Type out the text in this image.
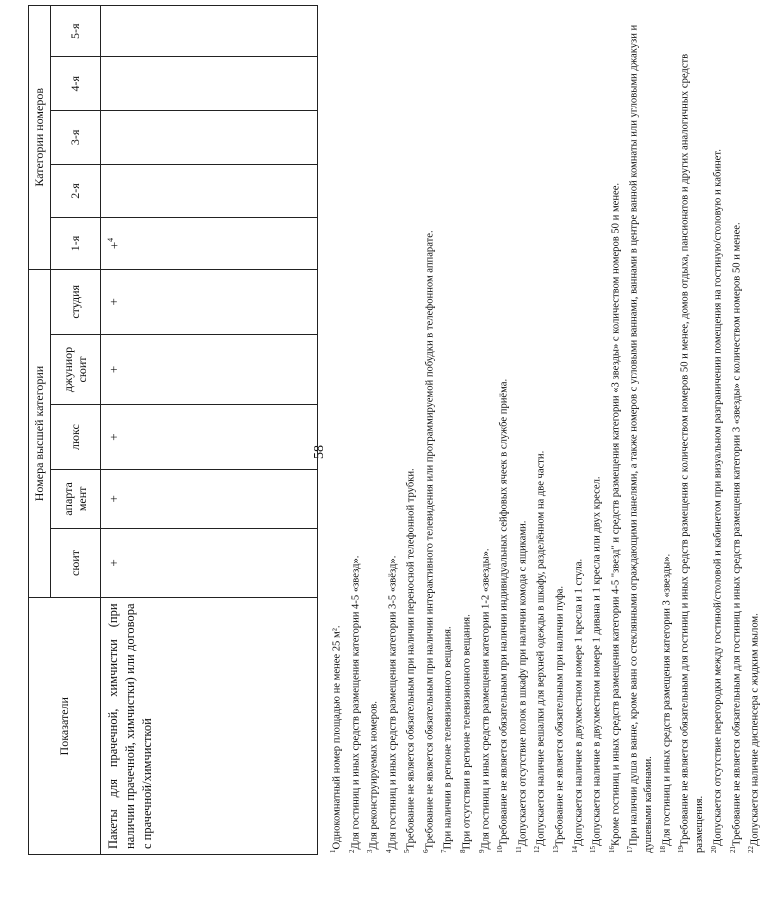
58
Показатели	Номера высшей категории					Категории номеров				
	сюит	апарта мент	люкс	джуниор сюит	студия	1-я	2-я	3-я	4-я	5-я
Пакеты для прачечной, химчистки (при наличии прачечной, химчистки) или договора с прачечной/химчисткой	+	+	+	+	+	+$^4$				
$^1$Однокомнатный номер площадью не менее 25 м².
$^2$Для гостиниц и иных средств размещения категории 4-5 «звезд».
$^3$Для реконструируемых номеров.
$^4$Для гостиниц и иных средств размещения категории 3-5 «звёзд».
$^5$Требование не является обязательным при наличии переносной телефонной трубки.
$^6$Требование не является обязательным при наличии интерактивного телевидения или программируемой побудки в телефонном аппарате.
$^7$При наличии в регионе телевизионного вещания.
$^8$При отсутствии в регионе телевизионного вещания.
$^9$Для гостиниц и иных средств размещения категории 1-2 «звезды». $^{10}$Требование не является обязательным при наличии индивидуальных сейфовых ячеек в службе приёма.
$^{11}$Допускается отсутствие полок в шкафу при наличии комода с ящиками.
$^{12}$Допускается наличие вешалки для верхней одежды в шкафу, разделённом на две части.
$^{13}$Требование не является обязательным при наличии пуфа.
$^{14}$Допускается наличие в двухместном номере 1 кресла и 1 стула.
$^{15}$Допускается наличие в двухместном номере 1 дивана и 1 кресла или двух кресел.
$^{16}$Кроме гостиниц и иных средств размещения категории 4-5 "звезд" и средств размещения категории «3 звезды» с количеством номеров 50 и менее.
$^{17}$При наличии душа в ванне, кроме ванн со стеклянными ограждающими панелями, а также номеров с угловыми ваннами, ваннами в центре ванной комнаты или угловыми джакузи и душевыми кабинами. $^{18}$Для гостиниц и иных средств размещения категории 3 «звезды».
$^{19}$Требование не является обязательным для гостиниц и иных средств размещения с количеством номеров 50 и менее, домов отдыха, пансионатов и других аналогичных средств размещения. $^{20}$Допускается отсутствие перегородки между гостиной/столовой и кабинетом при визуальном разграничении помещения на гостиную/столовую и кабинет.
$^{21}$Требование не является обязательным для гостиниц и иных средств размещения категории 3 «звезды» с количеством номеров 50 и менее.
$^{22}$Допускается наличие диспенсера с жидким мылом.
